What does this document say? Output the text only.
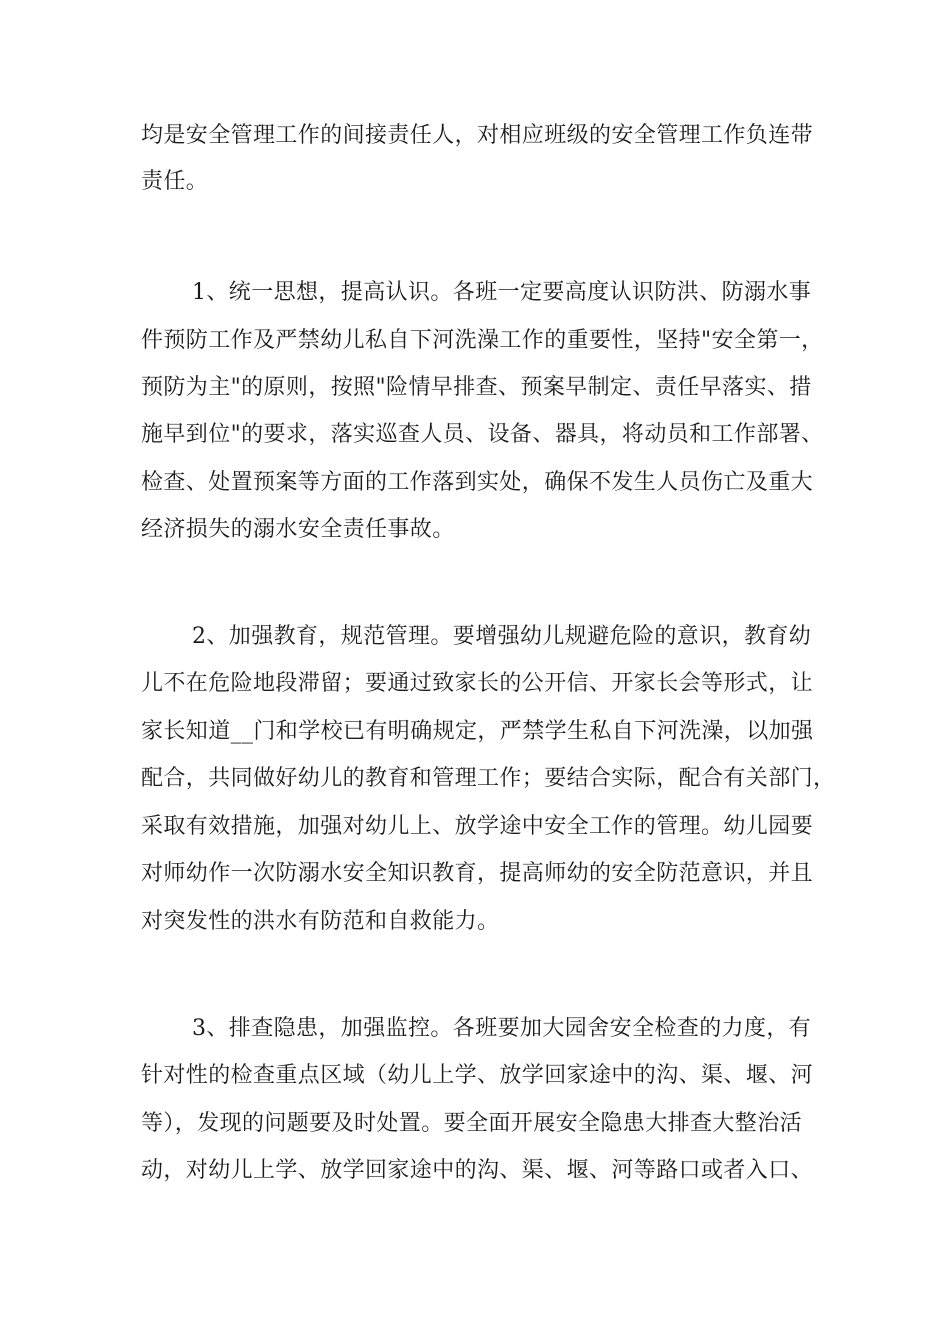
均是安全管理工作的间接责任人，对相应班级的安全管理工作负连带
责任。
1、统一思想，提高认识。各班一定要高度认识防洪、防溺水事
件预防工作及严禁幼儿私自下河洗澡工作的重要性，坚持"安全第一，
预防为主"的原则，按照"险情早排查、预案早制定、责任早落实、措
施早到位"的要求，落实巡查人员、设备、器具，将动员和工作部署、
检查、处置预案等方面的工作落到实处，确保不发生人员伤亡及重大
经济损失的溺水安全责任事故。
2、加强教育，规范管理。要增强幼儿规避危险的意识，教育幼
儿不在危险地段滞留；要通过致家长的公开信、开家长会等形式，让
家长知道__门和学校已有明确规定，严禁学生私自下河洗澡，以加强
配合，共同做好幼儿的教育和管理工作；要结合实际，配合有关部门，
采取有效措施，加强对幼儿上、放学途中安全工作的管理。幼儿园要
对师幼作一次防溺水安全知识教育，提高师幼的安全防范意识，并且
对突发性的洪水有防范和自救能力。
3、排查隐患，加强监控。各班要加大园舍安全检查的力度，有
针对性的检查重点区域（幼儿上学、放学回家途中的沟、渠、堰、河
等），发现的问题要及时处置。要全面开展安全隐患大排查大整治活
动，对幼儿上学、放学回家途中的沟、渠、堰、河等路口或者入口、
